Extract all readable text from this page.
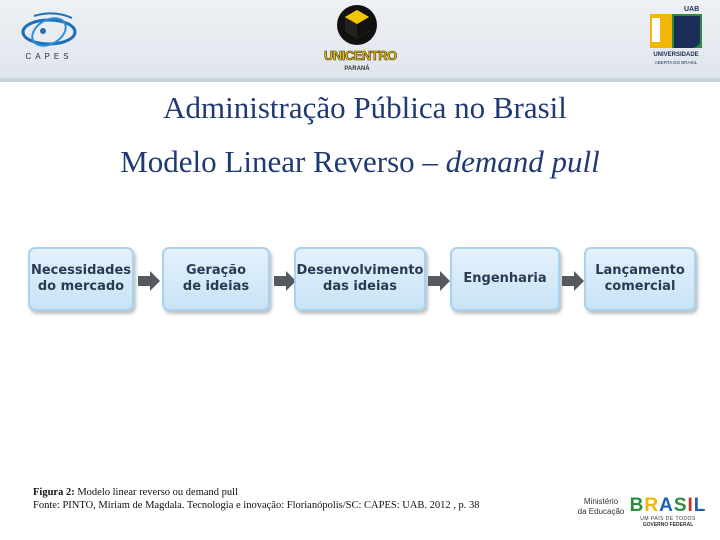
CAPES	UNICENTRO
PARANÁ
UAB
UNIVERSIDADE
ABERTA DO BRASIL
Administração Pública no Brasil
Modelo Linear Reverso – demand pull
Necessidades
do mercado
Geração
de ideias
Desenvolvimento
das ideias
Engenharia
Lançamento
comercial
Figura 2: Modelo linear reverso ou demand pull
Fonte: PINTO, Miriam de Magdala. Tecnologia e inovação: Florianópolis/SC: CAPES: UAB. 2012 , p. 38	Ministério
da Educação BRASIL
UM PAÍS DE TODOS
GOVERNO FEDERAL
